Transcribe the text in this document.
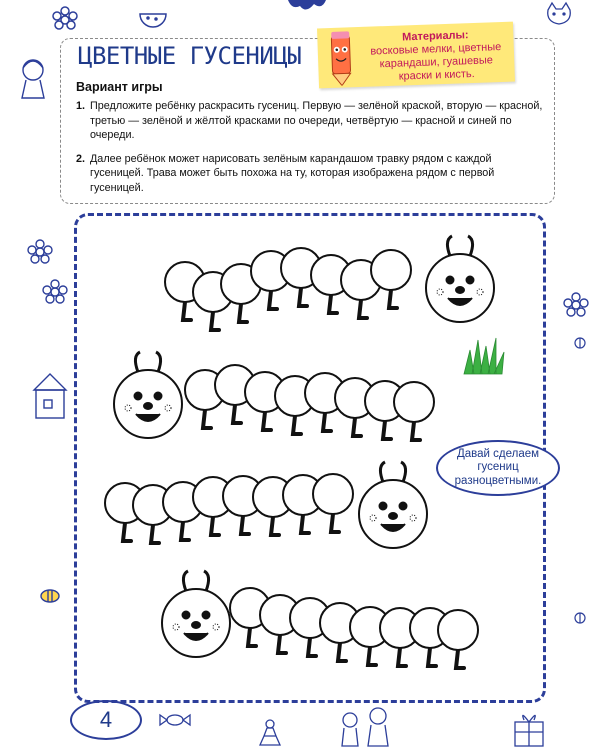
ЦВЕТНЫЕ ГУСЕНИЦЫ
Вариант игры
1. Предложите ребёнку раскрасить гусениц. Первую — зелёной краской, вторую — красной, третью — зелёной и жёлтой красками по очереди, четвёртую — красной и синей по очереди.
2. Далее ребёнок может нарисовать зелёным карандашом травку рядом с каждой гусеницей. Трава может быть похожа на ту, которая изображена рядом с первой гусеницей.
Материалы:
восковые мелки, цветные карандаши, гуашевые краски и кисть.
Давай сделаем гусениц разноцветными.
4
